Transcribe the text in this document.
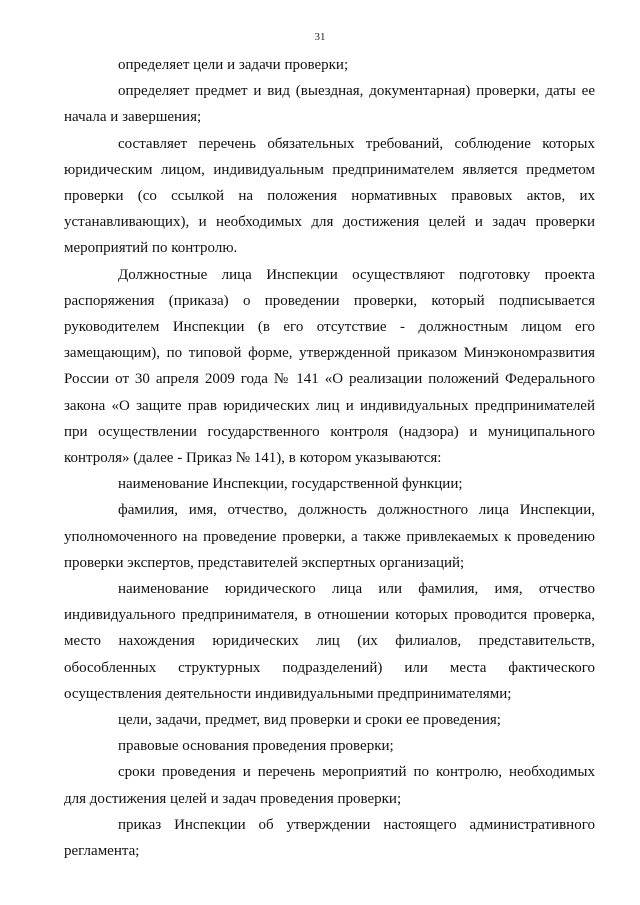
31

определяет цели и задачи проверки;

определяет предмет и вид (выездная, документарная) проверки, даты ее начала и завершения;

составляет перечень обязательных требований, соблюдение которых юридическим лицом, индивидуальным предпринимателем является предметом проверки (со ссылкой на положения нормативных правовых актов, их устанавливающих), и необходимых для достижения целей и задач проверки мероприятий по контролю.

Должностные лица Инспекции осуществляют подготовку проекта распоряжения (приказа) о проведении проверки, который подписывается руководителем Инспекции (в его отсутствие - должностным лицом его замещающим), по типовой форме, утвержденной приказом Минэкономразвития России от 30 апреля 2009 года № 141 «О реализации положений Федерального закона «О защите прав юридических лиц и индивидуальных предпринимателей при осуществлении государственного контроля (надзора) и муниципального контроля» (далее - Приказ № 141), в котором указываются:

наименование Инспекции, государственной функции;

фамилия, имя, отчество, должность должностного лица Инспекции, уполномоченного на проведение проверки, а также привлекаемых к проведению проверки экспертов, представителей экспертных организаций;

наименование юридического лица или фамилия, имя, отчество индивидуального предпринимателя, в отношении которых проводится проверка, место нахождения юридических лиц (их филиалов, представительств, обособленных структурных подразделений) или места фактического осуществления деятельности индивидуальными предпринимателями;

цели, задачи, предмет, вид проверки и сроки ее проведения;

правовые основания проведения проверки;

сроки проведения и перечень мероприятий по контролю, необходимых для достижения целей и задач проведения проверки;

приказ Инспекции об утверждении настоящего административного регламента;
